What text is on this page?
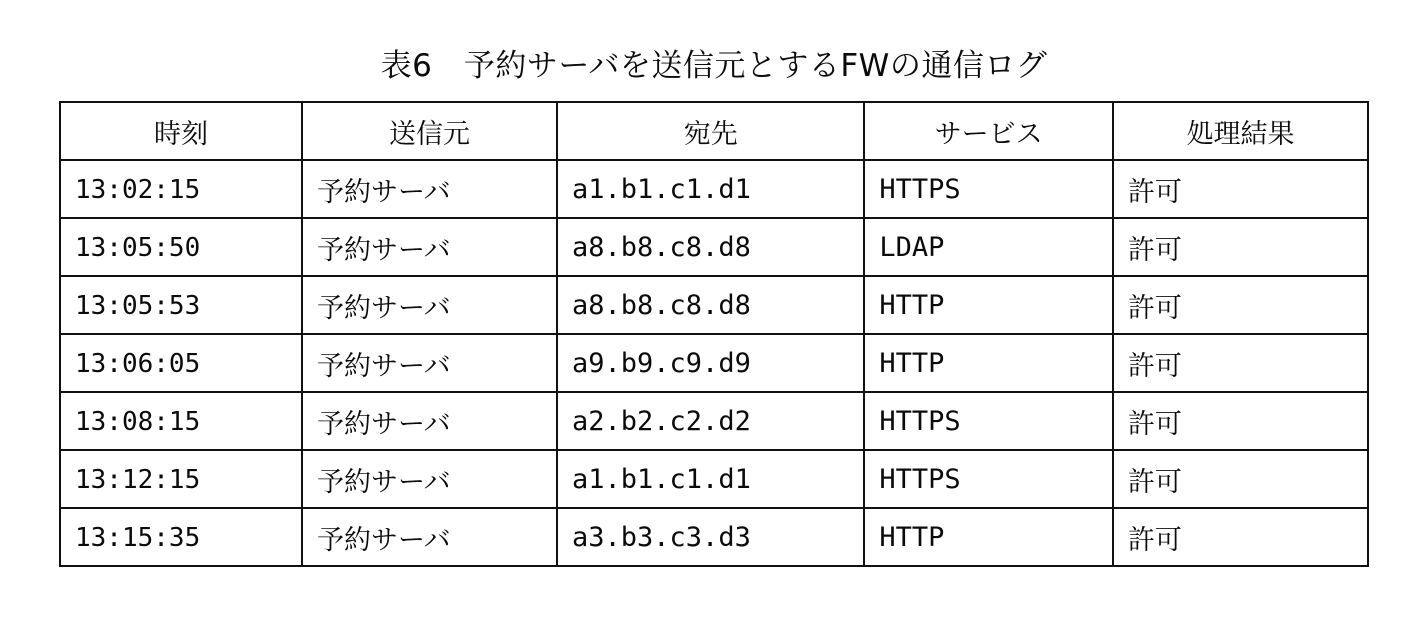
表6　予約サーバを送信元とするFWの通信ログ
時刻	送信元	宛先	サービス	処理結果
13:02:15	予約サーバ	a1.b1.c1.d1	HTTPS	許可
13:05:50	予約サーバ	a8.b8.c8.d8	LDAP	許可
13:05:53	予約サーバ	a8.b8.c8.d8	HTTP	許可
13:06:05	予約サーバ	a9.b9.c9.d9	HTTP	許可
13:08:15	予約サーバ	a2.b2.c2.d2	HTTPS	許可
13:12:15	予約サーバ	a1.b1.c1.d1	HTTPS	許可
13:15:35	予約サーバ	a3.b3.c3.d3	HTTP	許可
